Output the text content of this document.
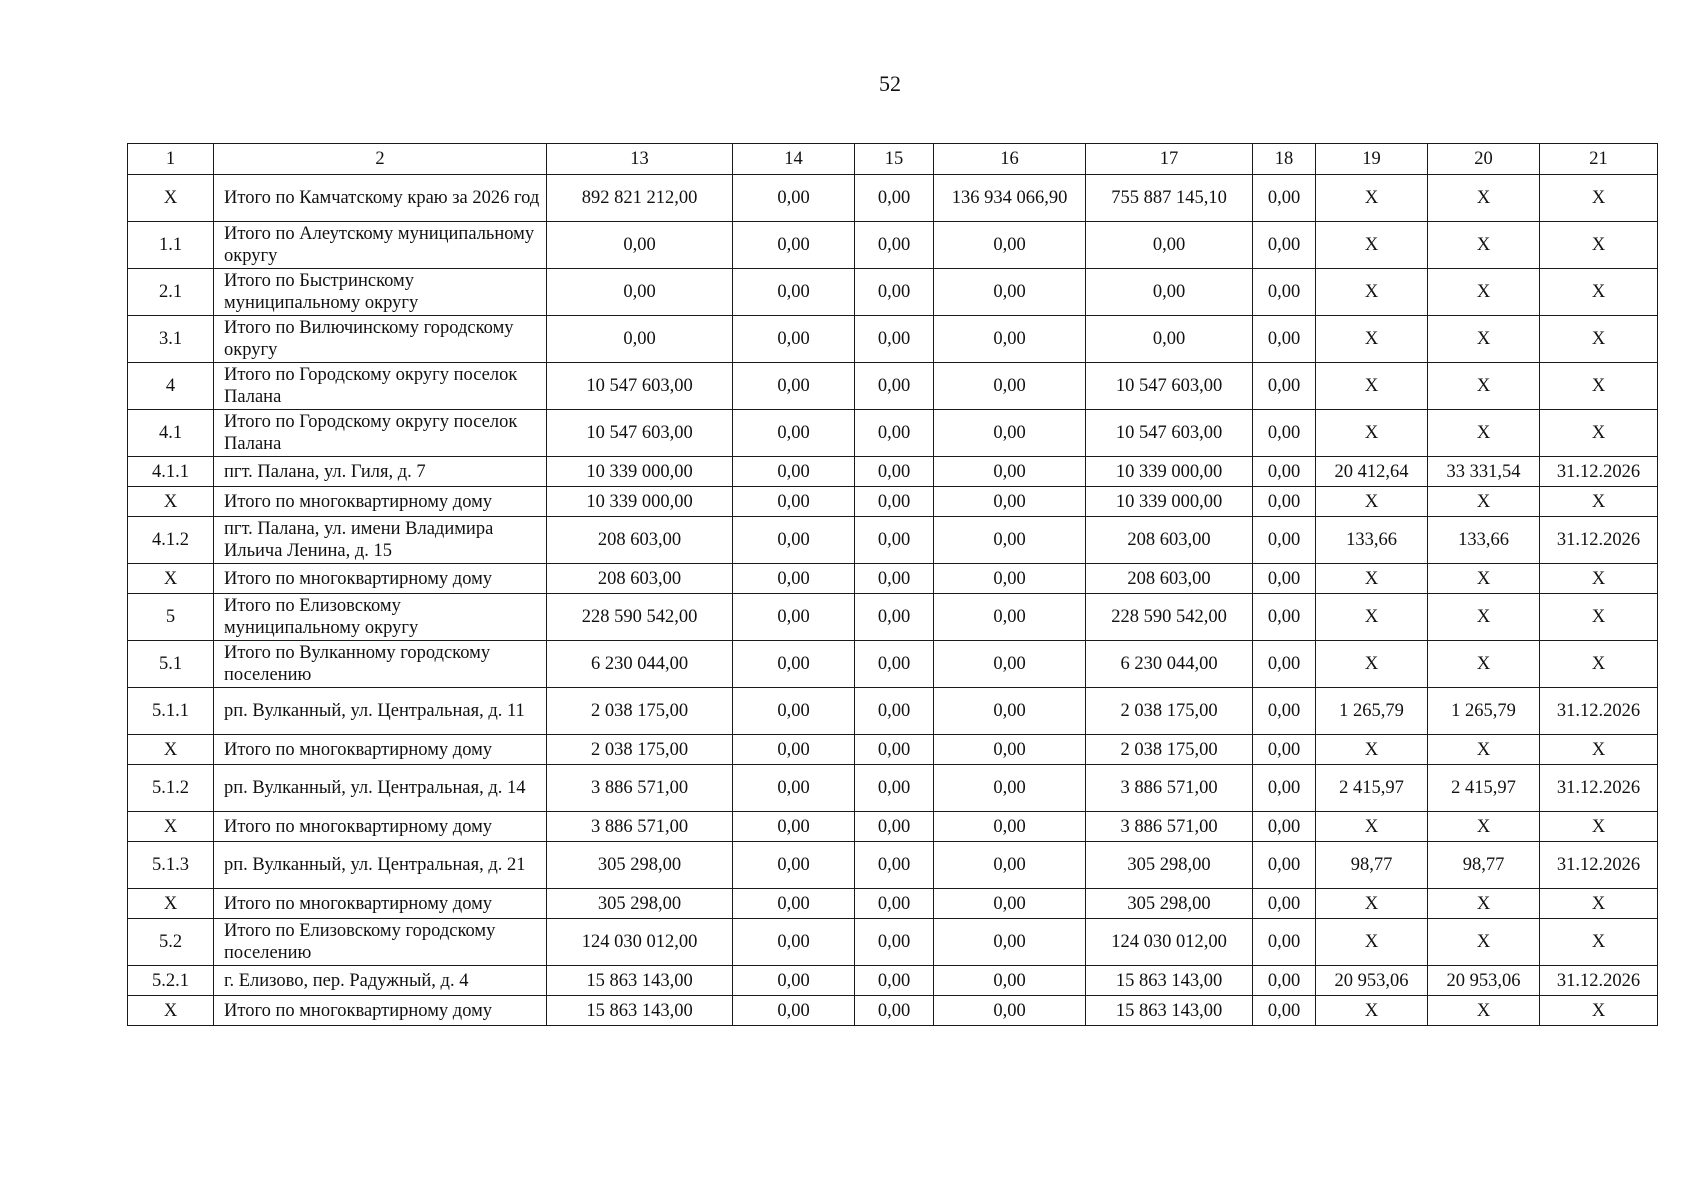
52
1	2	13	14	15	16	17	18	19	20	21
Х	Итого по Камчатскому краю за 2026 год	892 821 212,00	0,00	0,00	136 934 066,90	755 887 145,10	0,00	Х	Х	Х
1.1	Итого по Алеутскому муниципальному округу	0,00	0,00	0,00	0,00	0,00	0,00	Х	Х	Х
2.1	Итого по Быстринскому муниципальному округу	0,00	0,00	0,00	0,00	0,00	0,00	Х	Х	Х
3.1	Итого по Вилючинскому городскому округу	0,00	0,00	0,00	0,00	0,00	0,00	Х	Х	Х
4	Итого по Городскому округу поселок Палана	10 547 603,00	0,00	0,00	0,00	10 547 603,00	0,00	Х	Х	Х
4.1	Итого по Городскому округу поселок Палана	10 547 603,00	0,00	0,00	0,00	10 547 603,00	0,00	Х	Х	Х
4.1.1	пгт. Палана, ул. Гиля, д. 7	10 339 000,00	0,00	0,00	0,00	10 339 000,00	0,00	20 412,64	33 331,54	31.12.2026
Х	Итого по многоквартирному дому	10 339 000,00	0,00	0,00	0,00	10 339 000,00	0,00	Х	Х	Х
4.1.2	пгт. Палана, ул. имени Владимира Ильича Ленина, д. 15	208 603,00	0,00	0,00	0,00	208 603,00	0,00	133,66	133,66	31.12.2026
Х	Итого по многоквартирному дому	208 603,00	0,00	0,00	0,00	208 603,00	0,00	Х	Х	Х
5	Итого по Елизовскому муниципальному округу	228 590 542,00	0,00	0,00	0,00	228 590 542,00	0,00	Х	Х	Х
5.1	Итого по Вулканному городскому поселению	6 230 044,00	0,00	0,00	0,00	6 230 044,00	0,00	Х	Х	Х
5.1.1	рп. Вулканный, ул. Центральная, д. 11	2 038 175,00	0,00	0,00	0,00	2 038 175,00	0,00	1 265,79	1 265,79	31.12.2026
Х	Итого по многоквартирному дому	2 038 175,00	0,00	0,00	0,00	2 038 175,00	0,00	Х	Х	Х
5.1.2	рп. Вулканный, ул. Центральная, д. 14	3 886 571,00	0,00	0,00	0,00	3 886 571,00	0,00	2 415,97	2 415,97	31.12.2026
Х	Итого по многоквартирному дому	3 886 571,00	0,00	0,00	0,00	3 886 571,00	0,00	Х	Х	Х
5.1.3	рп. Вулканный, ул. Центральная, д. 21	305 298,00	0,00	0,00	0,00	305 298,00	0,00	98,77	98,77	31.12.2026
Х	Итого по многоквартирному дому	305 298,00	0,00	0,00	0,00	305 298,00	0,00	Х	Х	Х
5.2	Итого по Елизовскому городскому поселению	124 030 012,00	0,00	0,00	0,00	124 030 012,00	0,00	Х	Х	Х
5.2.1	г. Елизово, пер. Радужный, д. 4	15 863 143,00	0,00	0,00	0,00	15 863 143,00	0,00	20 953,06	20 953,06	31.12.2026
Х	Итого по многоквартирному дому	15 863 143,00	0,00	0,00	0,00	15 863 143,00	0,00	Х	Х	Х
